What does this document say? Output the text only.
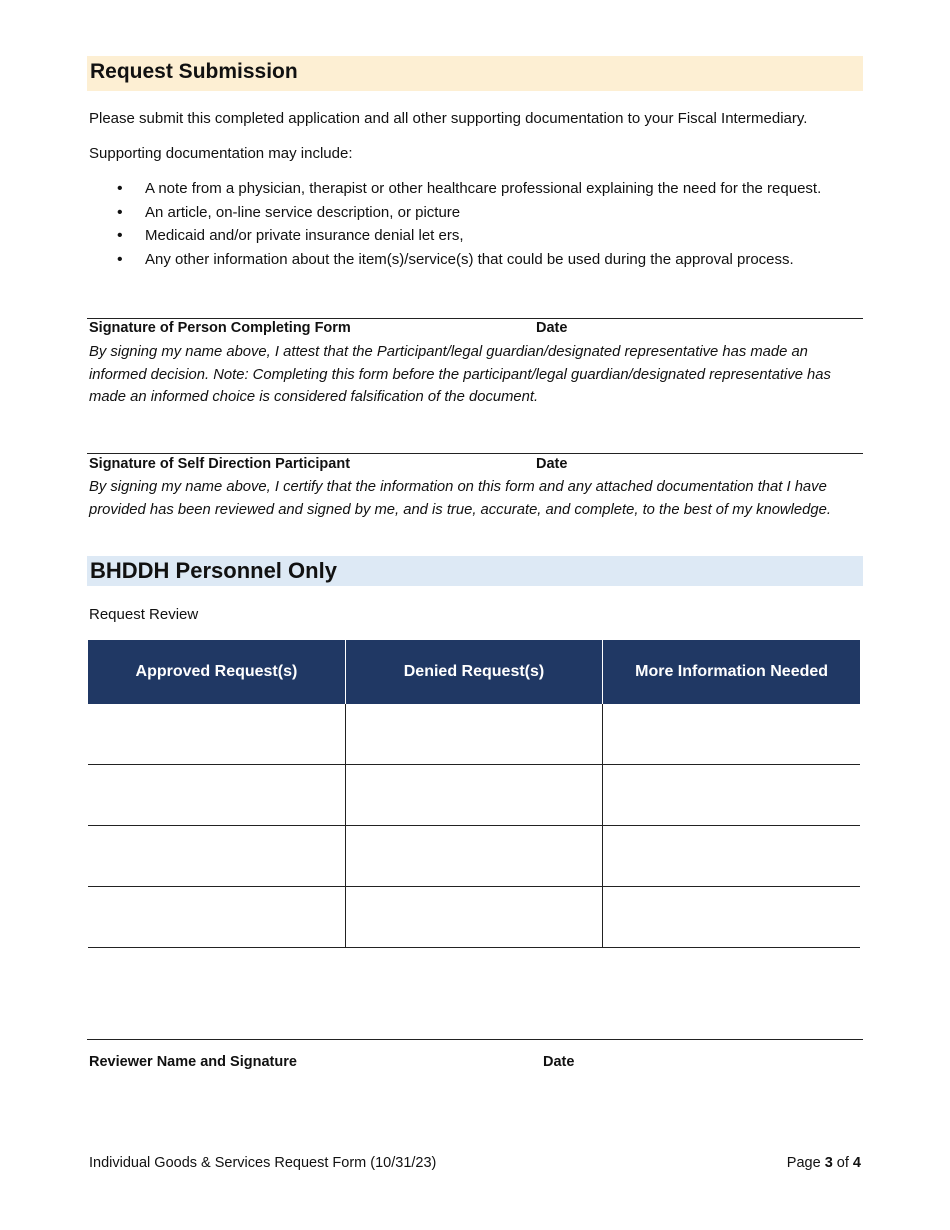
Request Submission
Please submit this completed application and all other supporting documentation to your Fiscal Intermediary.
Supporting documentation may include:
• A note from a physician, therapist or other healthcare professional explaining the need for the request.
• An article, on-line service description, or picture
• Medicaid and/or private insurance denial let ers,
• Any other information about the item(s)/service(s) that could be used during the approval process.
Signature of Person Completing Form	Date
By signing my name above, I attest that the Participant/legal guardian/designated representative has made an informed decision. Note: Completing this form before the participant/legal guardian/designated representative has made an informed choice is considered falsification of the document.
Signature of Self Direction Participant	Date
By signing my name above, I certify that the information on this form and any attached documentation that I have provided has been reviewed and signed by me, and is true, accurate, and complete, to the best of my knowledge.
BHDDH Personnel Only
Request Review
Approved Request(s)	Denied Request(s)	More Information Needed

Reviewer Name and Signature	Date
Individual Goods & Services Request Form (10/31/23)	Page 3 of 4
